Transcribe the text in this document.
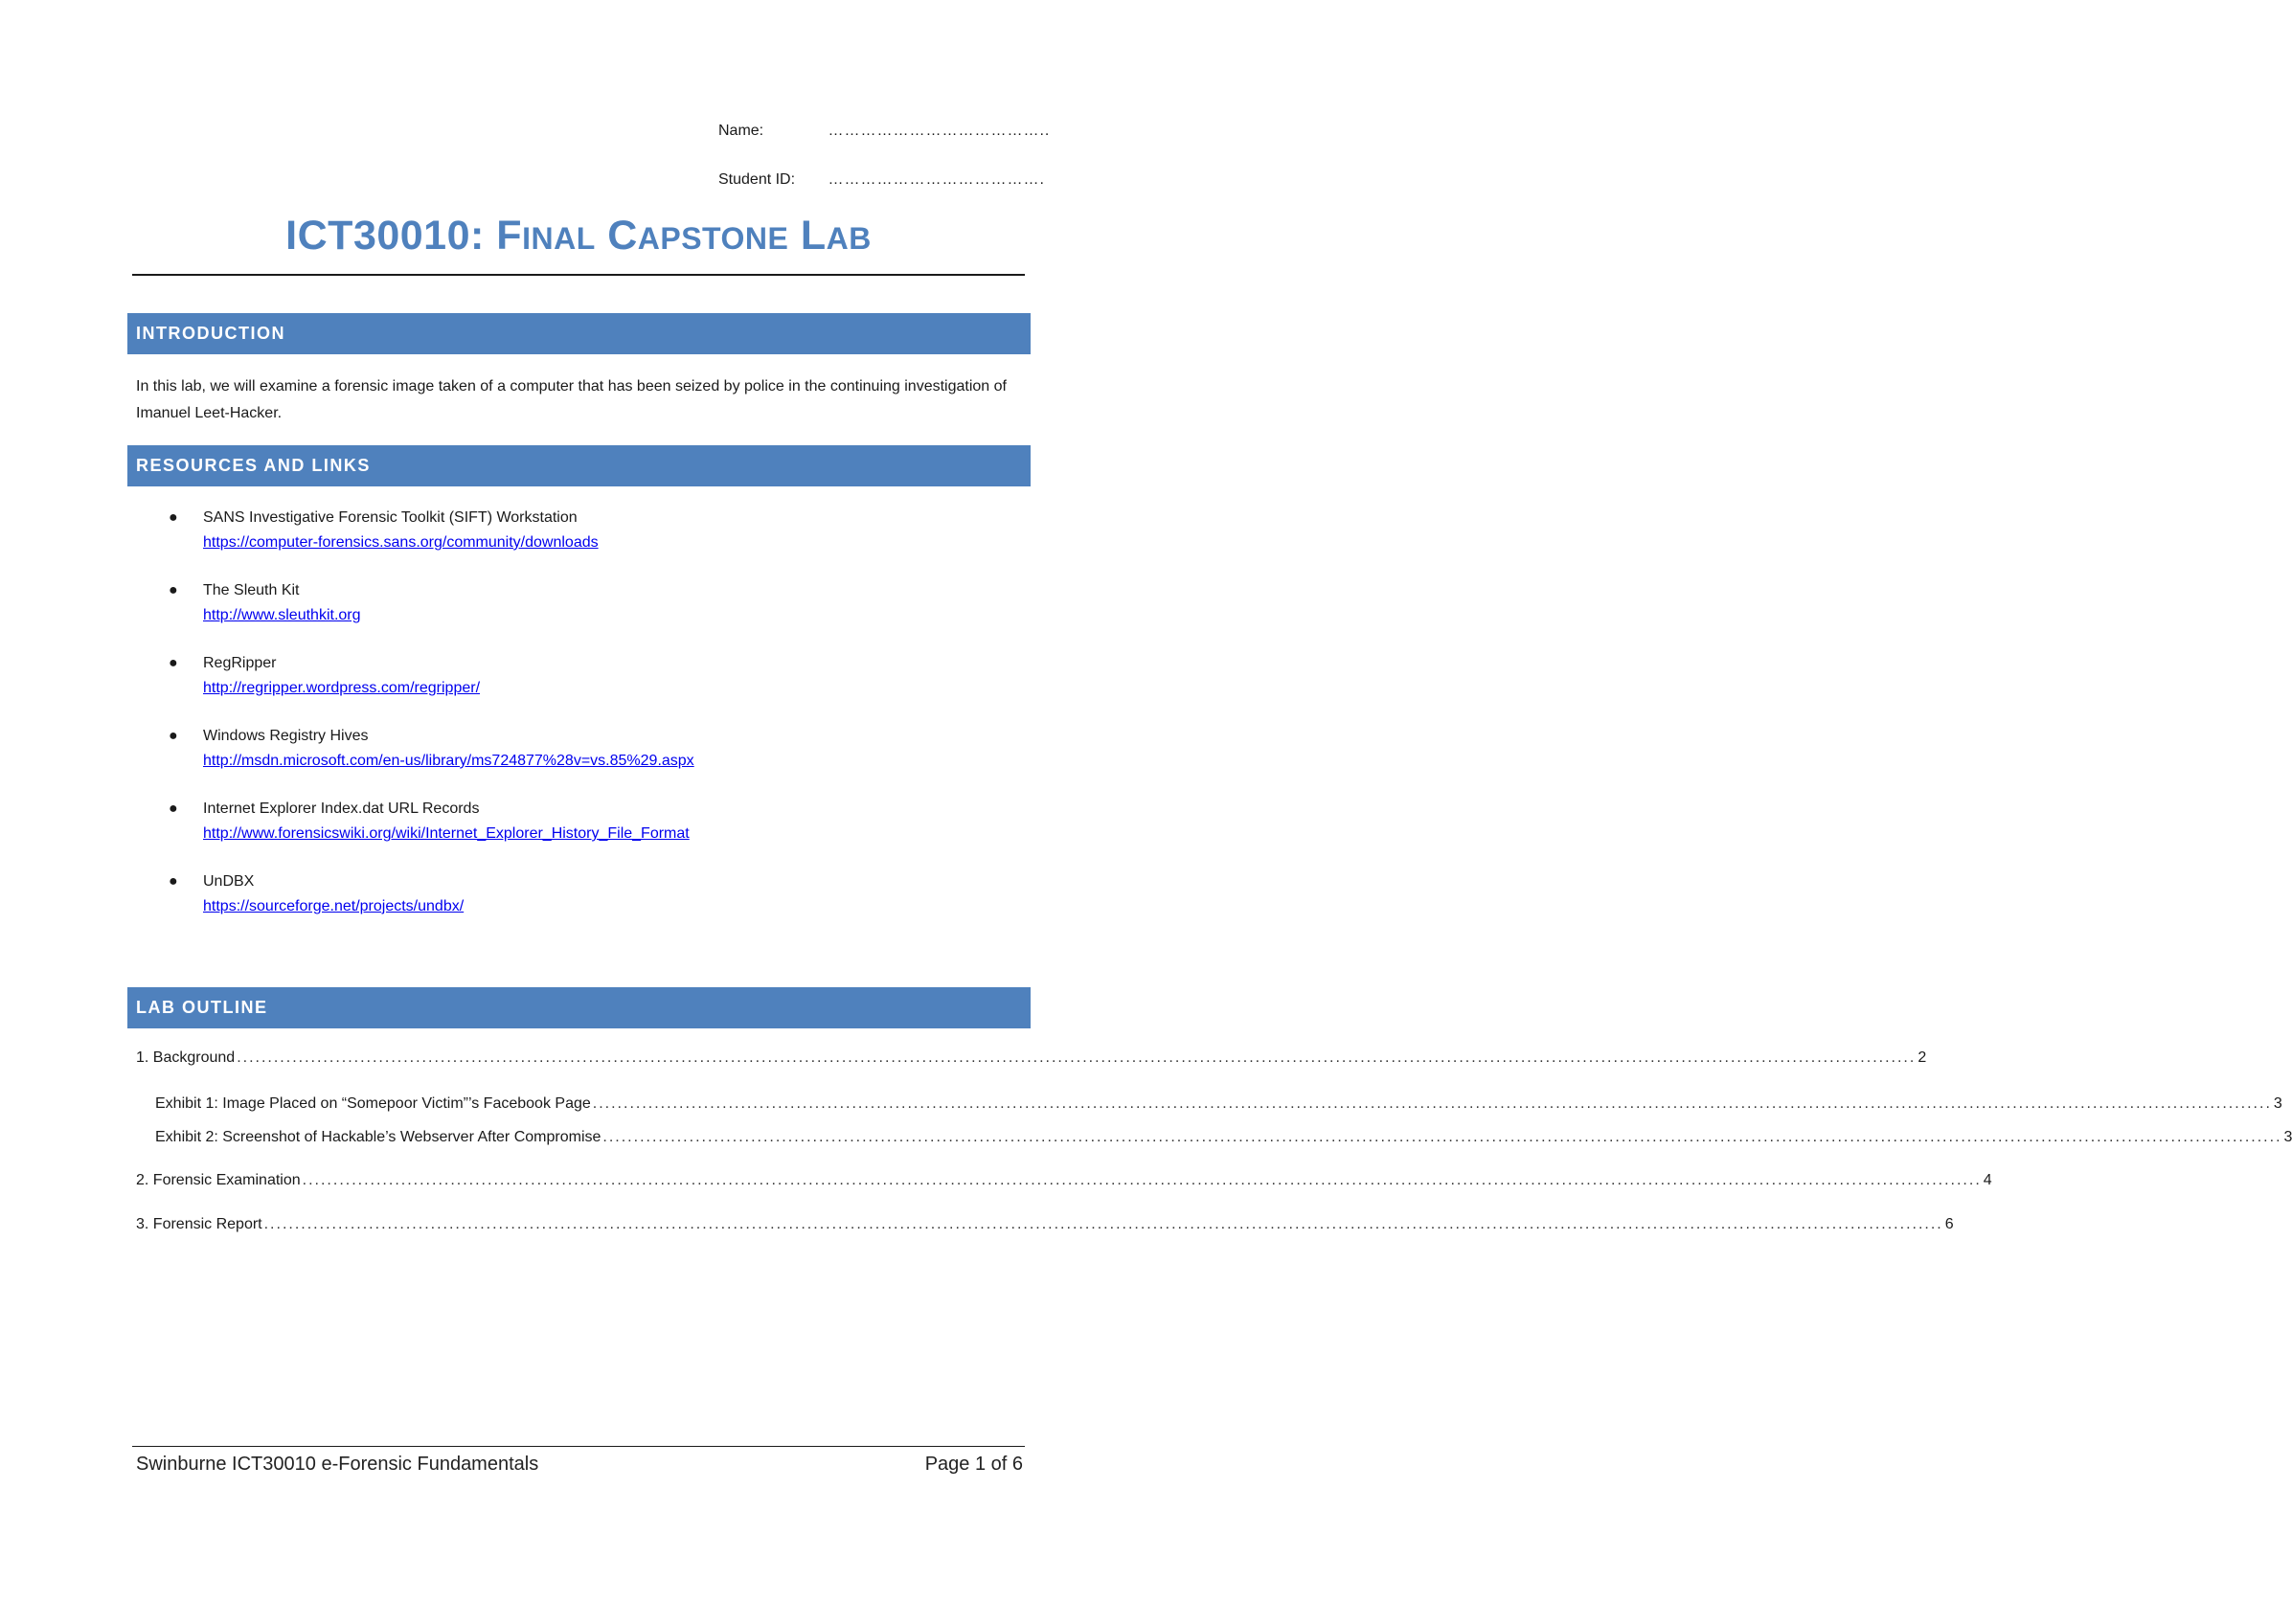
Name:	…………………………………..
Student ID: ………………………………….
ICT30010: FINAL CAPSTONE LAB
INTRODUCTION
In this lab, we will examine a forensic image taken of a computer that has been seized by police in the continuing investigation of Imanuel Leet-Hacker.
RESOURCES AND LINKS
● SANS Investigative Forensic Toolkit (SIFT) Workstation
https://computer-forensics.sans.org/community/downloads
● The Sleuth Kit
http://www.sleuthkit.org
● RegRipper
http://regripper.wordpress.com/regripper/
● Windows Registry Hives
http://msdn.microsoft.com/en-us/library/ms724877%28v=vs.85%29.aspx
● Internet Explorer Index.dat URL Records
http://www.forensicswiki.org/wiki/Internet_Explorer_History_File_Format
● UnDBX
https://sourceforge.net/projects/undbx/
LAB OUTLINE
1. Background ................................................................................................................................................................................................................................................................................ 2
Exhibit 1: Image Placed on “Somepoor Victim”’s Facebook Page ................................................................................................................................................................................................................................................................................ 3
Exhibit 2: Screenshot of Hackable’s Webserver After Compromise ................................................................................................................................................................................................................................................................................ 3
2. Forensic Examination ................................................................................................................................................................................................................................................................................ 4
3. Forensic Report ................................................................................................................................................................................................................................................................................ 6
Swinburne ICT30010 e-Forensic Fundamentals	Page 1 of 6
